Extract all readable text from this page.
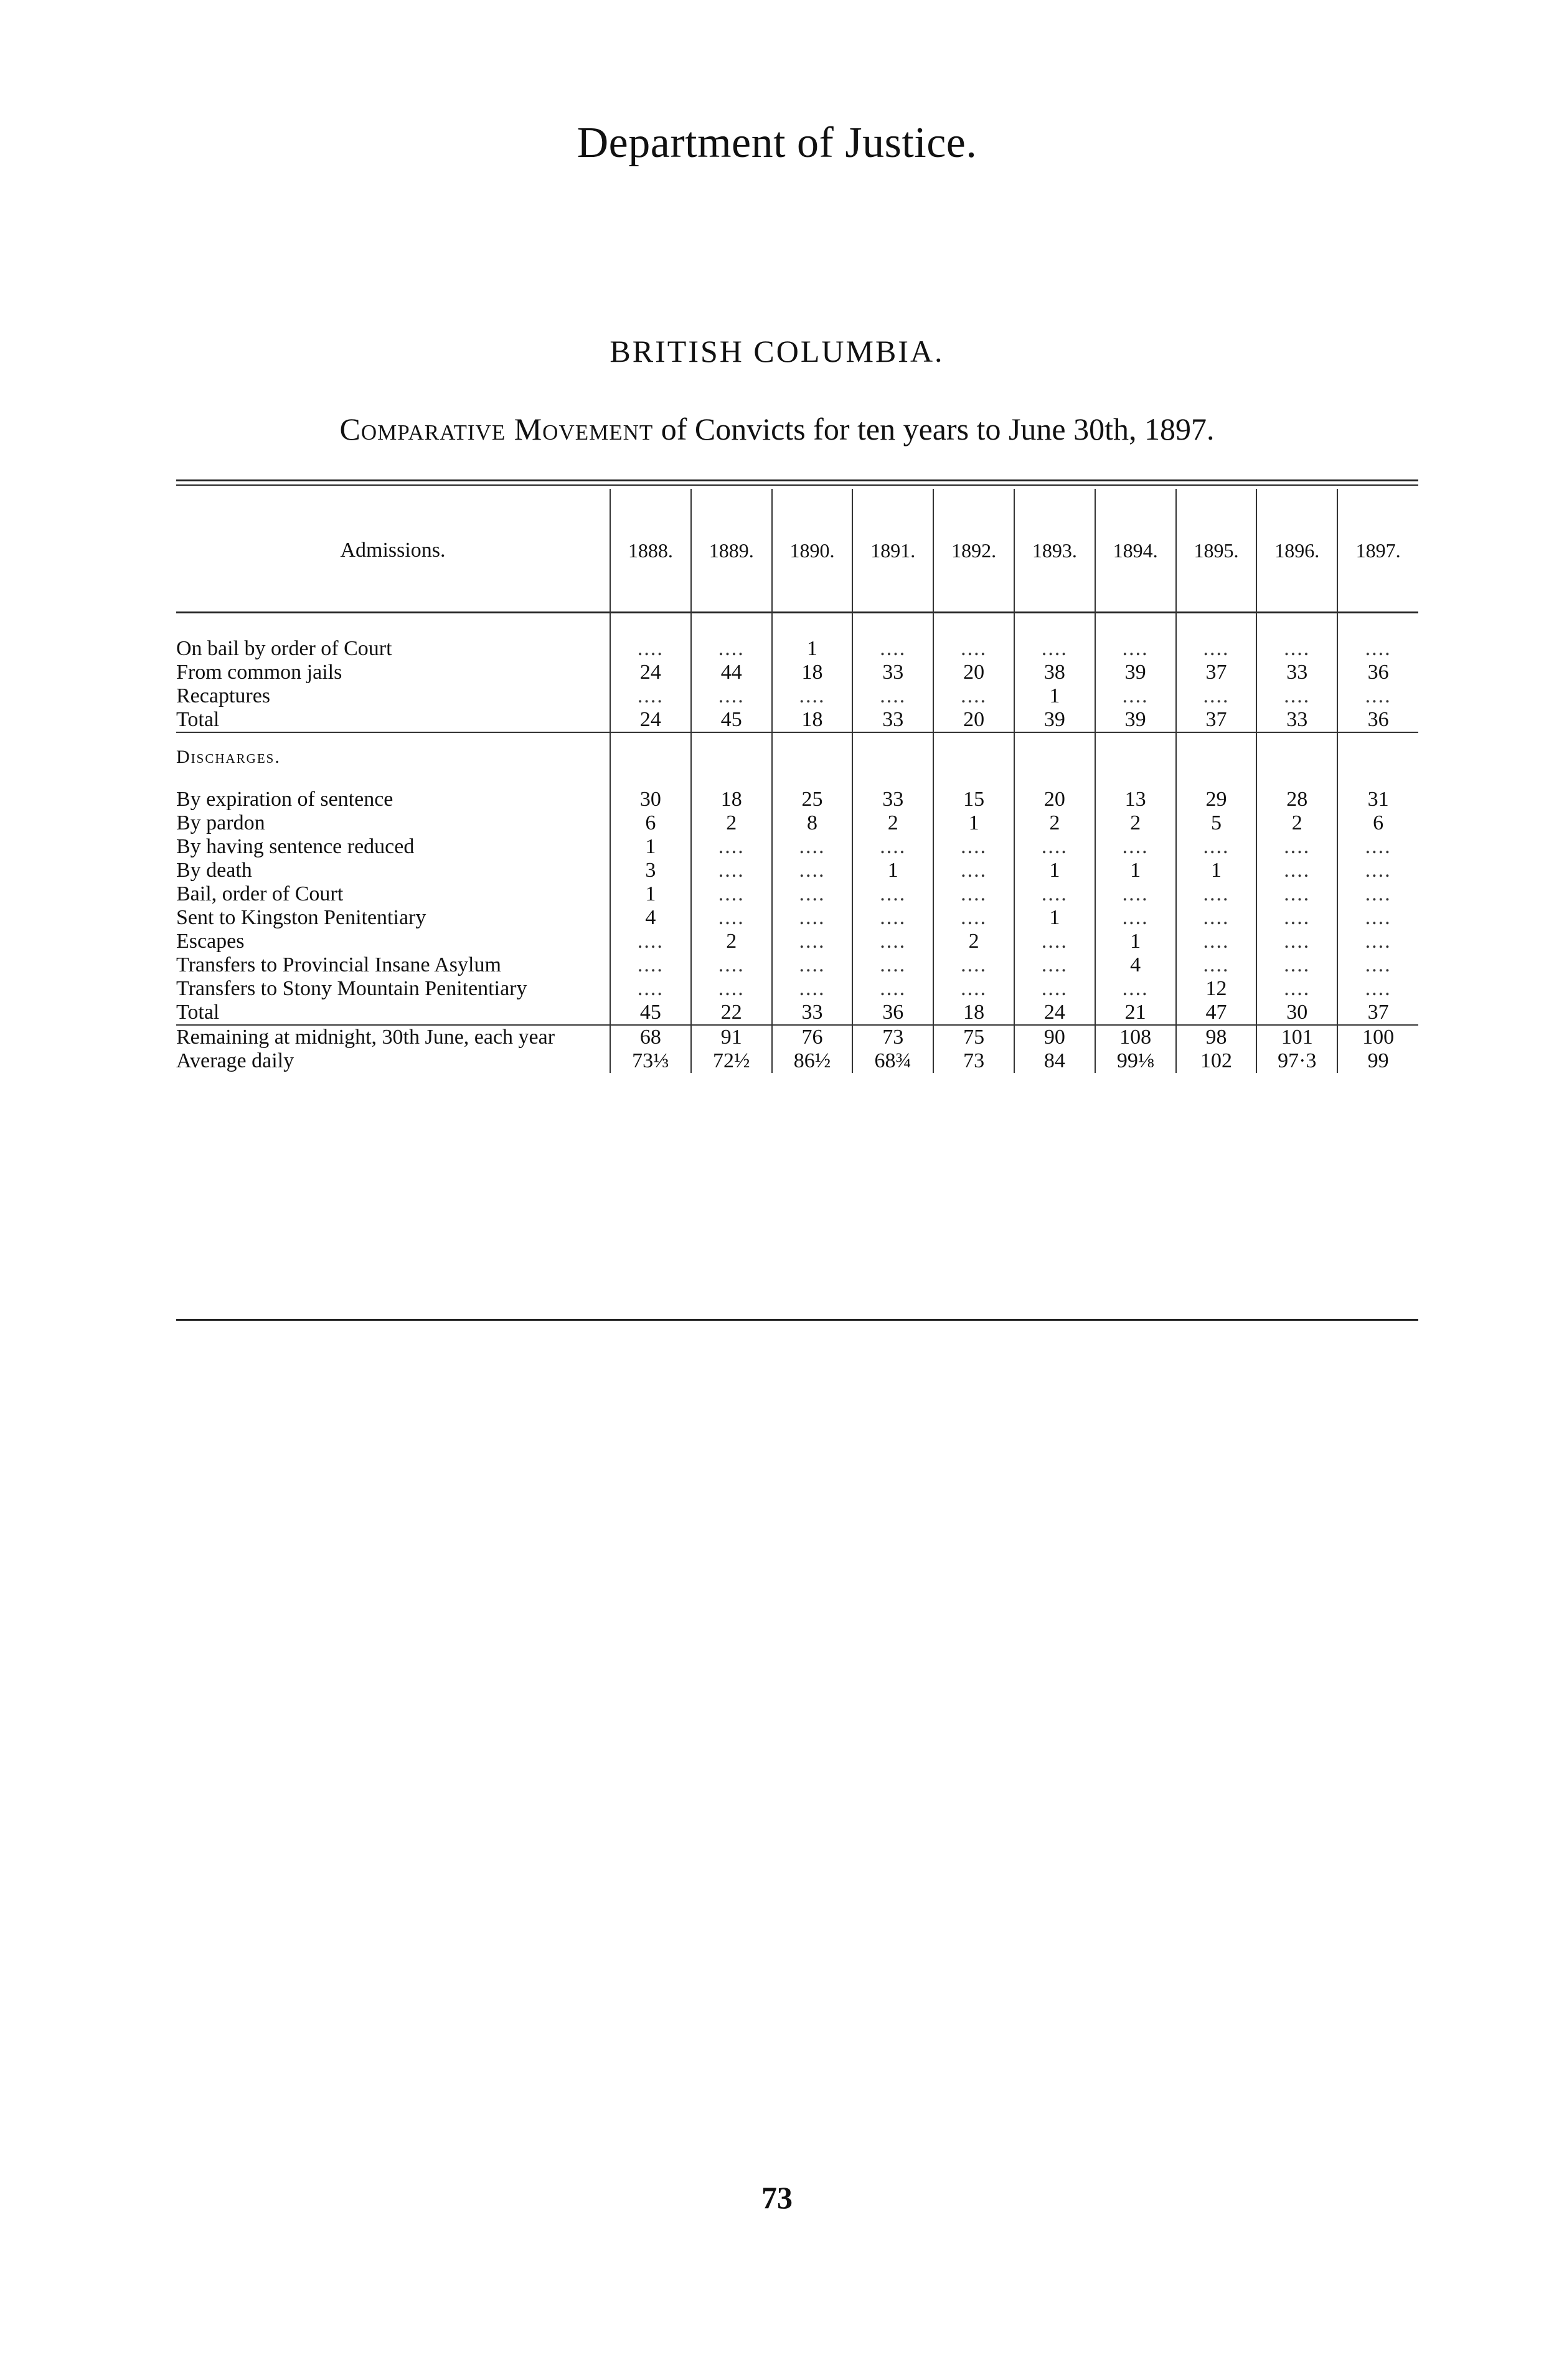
Department of Justice.
BRITISH COLUMBIA.
Comparative Movement of Convicts for ten years to June 30th, 1897.
Admissions.	1888.	1889.	1890.	1891.	1892.	1893.	1894.	1895.	1896.	1897.

On bail by order of Court	....	....	1	....	....	....	....	....	....	....
From common jails	24	44	18	33	20	38	39	37	33	36
Recaptures	....	....	....	....	....	1	....	....	....	....
Total	24	45	18	33	20	39	39	37	33	36
Discharges.										

By expiration of sentence	30	18	25	33	15	20	13	29	28	31
By pardon	6	2	8	2	1	2	2	5	2	6
By having sentence reduced	1	....	....	....	....	....	....	....	....	....
By death	3	....	....	1	....	1	1	1	....	....
Bail, order of Court	1	....	....	....	....	....	....	....	....	....
Sent to Kingston Penitentiary	4	....	....	....	....	1	....	....	....	....
Escapes	....	2	....	....	2	....	1	....	....	....
Transfers to Provincial Insane Asylum	....	....	....	....	....	....	4	....	....	....
Transfers to Stony Mountain Penitentiary	....	....	....	....	....	....	....	12	....	....
Total	45	22	33	36	18	24	21	47	30	37
Remaining at midnight, 30th June, each year	68	91	76	73	75	90	108	98	101	100
Average daily	73⅓	72½	86½	68¾	73	84	99⅛	102	97·3	99
73
